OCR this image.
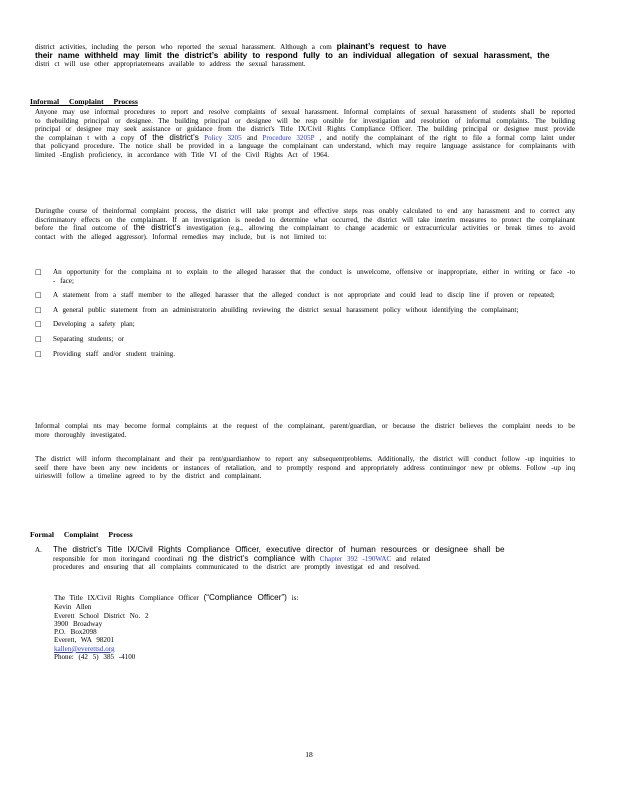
district activities, including the person who reported the sexual harassment. Although a com plainant’s request to have
their name withheld may limit the district’s ability to respond fully to an individual allegation of sexual harassment, the
distri ct will use other appropriatemeans available to address the sexual harassment.
Informal Complaint Process
Anyone may use informal procedures to report and resolve complaints of sexual harassment. Informal complaints of sexual harassment of students shall be reported to thebuilding principal or designee. The building principal or designee will be resp onsible for investigation and resolution of informal complaints. The building principal or designee may seek assistance or guidance from the district's Title IX/Civil Rights Compliance Officer. The building principal or designee must provide the complainan t with a copy of the district’s Policy 3205 and Procedure 3205P , and notify the complainant of the right to file a formal comp laint under that policyand procedure. The notice shall be provided in a language the complainant can understand, which may require language assistance for complainants with limited -English proficiency, in accordance with Title VI of the Civil Rights Act of 1964.
Duringthe course of theinformal complaint process, the district will take prompt and effective steps reas onably calculated to end any harassment and to correct any discriminatory effects on the complainant. If an investigation is needed to determine what occurred, the district will take interim measures to protect the complainant before the final outcome of the district’s investigation (e.g., allowing the complainant to change academic or extracurricular activities or break times to avoid contact with the alleged aggressor). Informal remedies may include, but is not limited to:
□	An opportunity for the complaina nt to explain to the alleged harasser that the conduct is unwelcome, offensive or inappropriate, either in writing or face -to - face;
□	A statement from a staff member to the alleged harasser that the alleged conduct is not appropriate and could lead to discip line if proven or repeated;
□	A general public statement from an administratorin abuilding reviewing the district sexual harassment policy without identifying the complainant;
□	Developing a safety plan;
□	Separating students; or
□	Providing staff and/or student training.
Informal complai nts may become formal complaints at the request of the complainant, parent/guardian, or because the district believes the complaint needs to be more thoroughly investigated.
The district will inform thecomplainant and their pa rent/guardianhow to report any subsequentproblems. Additionally, the district will conduct follow -up inquiries to seeif there have been any new incidents or instances of retaliation, and to promptly respond and appropriately address continuingor new pr oblems. Follow -up inq uirieswill follow a timeline agreed to by the district and complainant.
Formal Complaint Process
A.	The district’s Title IX/Civil Rights Compliance Officer, executive director of human resources or designee shall be
responsible for mon itoringand coordinati ng the district’s compliance with Chapter 392 -190WAC and related
procedures and ensuring that all complaints communicated to the district are promptly investigat ed and resolved.
The Title IX/Civil Rights Compliance Officer (“Compliance Officer”) is:
Kevin Allen
Everett School District No. 2
3900 Broadway
P.O. Box2098
Everett, WA 98201
kallen@everettsd.org
Phone: (42 5) 385 -4100
18
